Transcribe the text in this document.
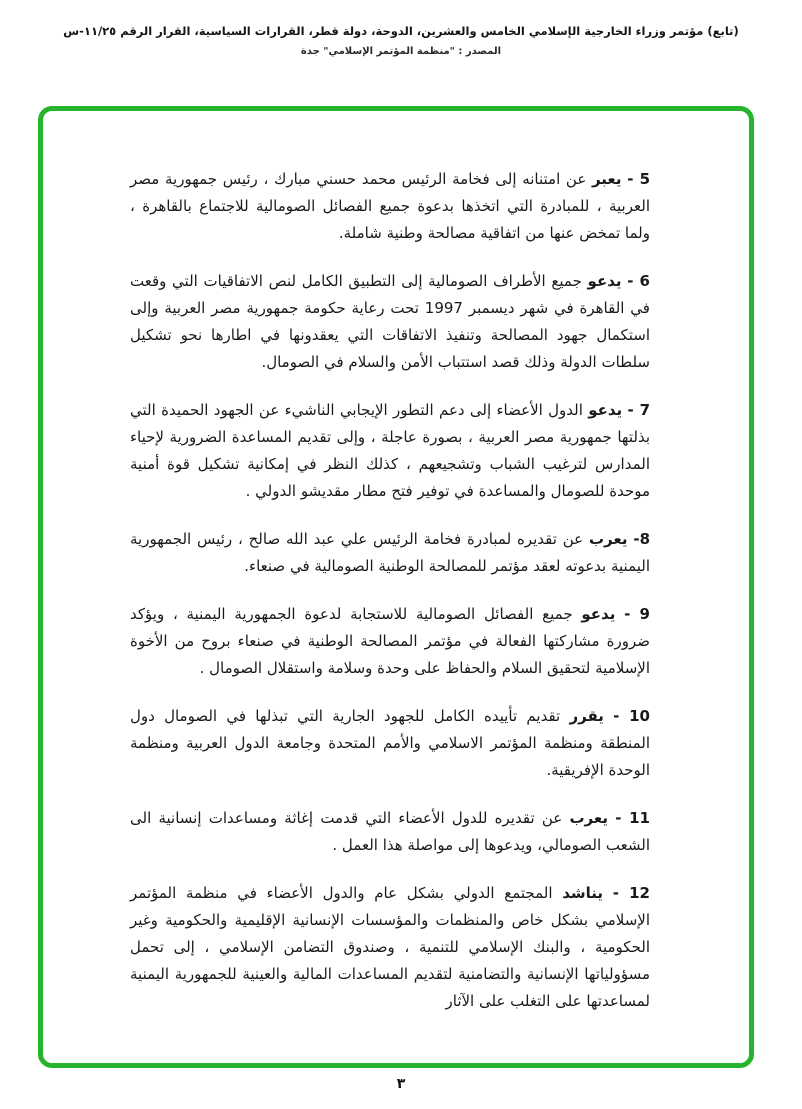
(تابع) مؤتمر وزراء الخارجية الإسلامي الخامس والعشرين، الدوحة، دولة قطر، القرارات السياسية، القرار الرقم ١١/٢٥-س
المصدر : "منظمة المؤتمر الإسلامي" جدة

5 - يعبر عن امتنانه إلى فخامة الرئيس محمد حسني مبارك ، رئيس جمهورية مصر العربية ، للمبادرة التي اتخذها بدعوة جميع الفصائل الصومالية للاجتماع بالقاهرة ، ولما تمخض عنها من اتفاقية مصالحة وطنية شاملة.

6 - يدعو جميع الأطراف الصومالية إلى التطبيق الكامل لنص الاتفاقيات التي وقعت في القاهرة في شهر ديسمبر 1997 تحت رعاية حكومة جمهورية مصر العربية وإلى استكمال جهود المصالحة وتنفيذ الاتفاقات التي يعقدونها في اطارها نحو تشكيل سلطات الدولة وذلك قصد استتباب الأمن والسلام في الصومال.

7 - يدعو الدول الأعضاء إلى دعم التطور الإيجابي الناشيء عن الجهود الحميدة التي بذلتها جمهورية مصر العربية ، بصورة عاجلة ، وإلى تقديم المساعدة الضرورية لإحياء المدارس لترغيب الشباب وتشجيعهم ، كذلك النظر في إمكانية تشكيل قوة أمنية موحدة للصومال والمساعدة في توفير فتح مطار مقديشو الدولي .

8- يعرب عن تقديره لمبادرة فخامة الرئيس علي عبد الله صالح ، رئيس الجمهورية اليمنية بدعوته لعقد مؤتمر للمصالحة الوطنية الصومالية في صنعاء.

9 - يدعو جميع الفصائل الصومالية للاستجابة لدعوة الجمهورية اليمنية ، ويؤكد ضرورة مشاركتها الفعالة في مؤتمر المصالحة الوطنية في صنعاء بروح من الأخوة الإسلامية لتحقيق السلام والحفاظ على وحدة وسلامة واستقلال الصومال .

10 - يقرر تقديم تأييده الكامل للجهود الجارية التي تبذلها في الصومال دول المنطقة ومنظمة المؤتمر الاسلامي والأمم المتحدة وجامعة الدول العربية ومنظمة الوحدة الإفريقية.

11 - يعرب عن تقديره للدول الأعضاء التي قدمت إغاثة ومساعدات إنسانية الى الشعب الصومالي، ويدعوها إلى مواصلة هذا العمل .

12 - يناشد المجتمع الدولي بشكل عام والدول الأعضاء في منظمة المؤتمر الإسلامي بشكل خاص والمنظمات والمؤسسات الإنسانية الإقليمية والحكومية وغير الحكومية ، والبنك الإسلامي للتنمية ، وصندوق التضامن الإسلامي ، إلى تحمل مسؤولياتها الإنسانية والتضامنية لتقديم المساعدات المالية والعينية للجمهورية اليمنية لمساعدتها على التغلب على الآثار

٣
